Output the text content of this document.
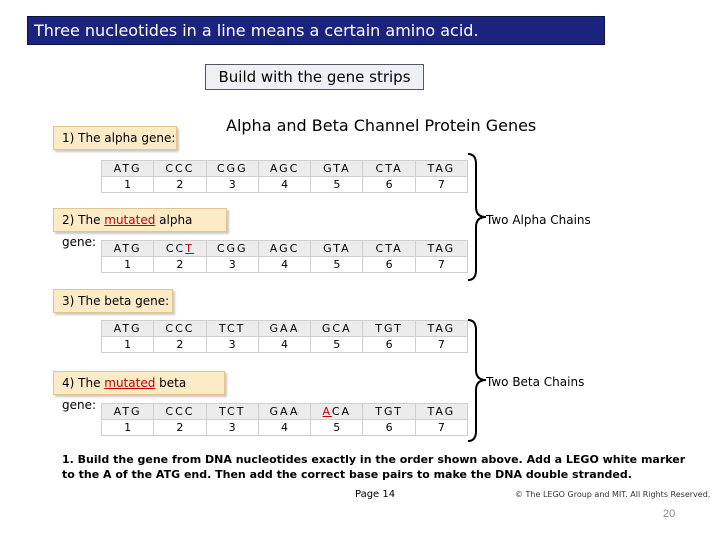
Three nucleotides in a line means a certain amino acid.
Build with the gene strips
Alpha and Beta Channel Protein Genes
1) The alpha gene:
ATG	CCC	CGG	AGC	GTA	CTA	TAG
1	2	3	4	5	6	7
2) The mutated alpha gene:	ATG	CCT	CGG	AGC	GTA	CTA	TAG
1	2	3	4	5	6	7
3) The beta gene:
ATG	CCC	TCT	GAA	GCA	TGT	TAG
1	2	3	4	5	6	7
4) The mutated beta gene:	ATG	CCC	TCT	GAA	ACA	TGT	TAG
1	2	3	4	5	6	7
Two Alpha Chains
Two Beta Chains
1. Build the gene from DNA nucleotides exactly in the order shown above. Add a LEGO white marker to the A of the ATG end. Then add the correct base pairs to make the DNA double stranded.
Page 14	© The LEGO Group and MIT. All Rights Reserved.
20
